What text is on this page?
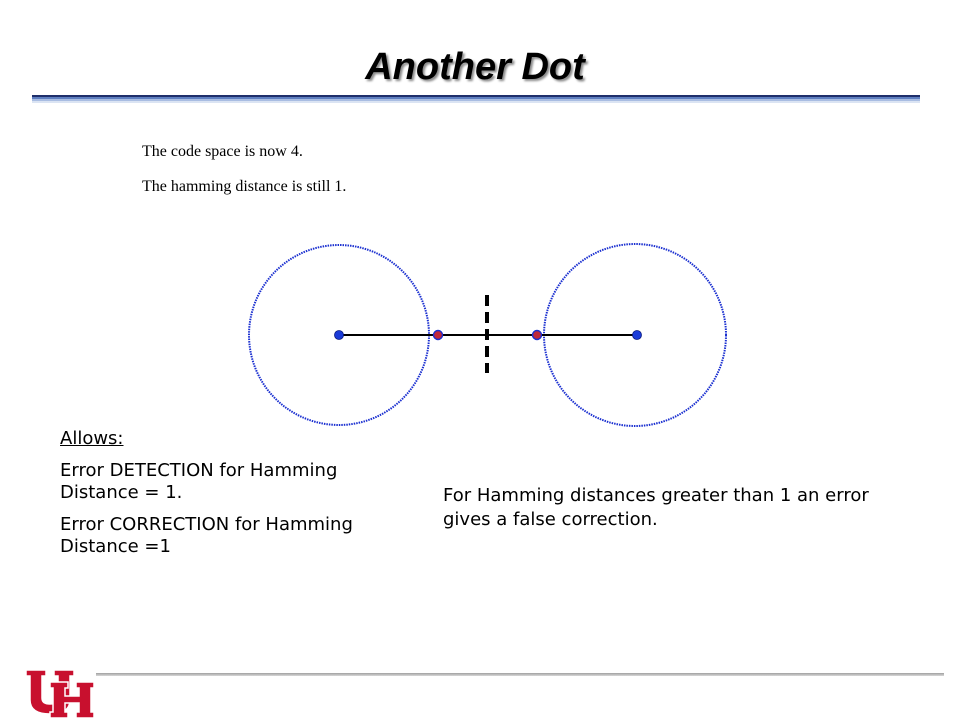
Another Dot
The code space is now 4.
The hamming distance is still 1.

Allows:

Error DETECTION for Hamming Distance = 1.

Error CORRECTION for Hamming Distance =1

For Hamming distances greater than 1 an error gives a false correction.
